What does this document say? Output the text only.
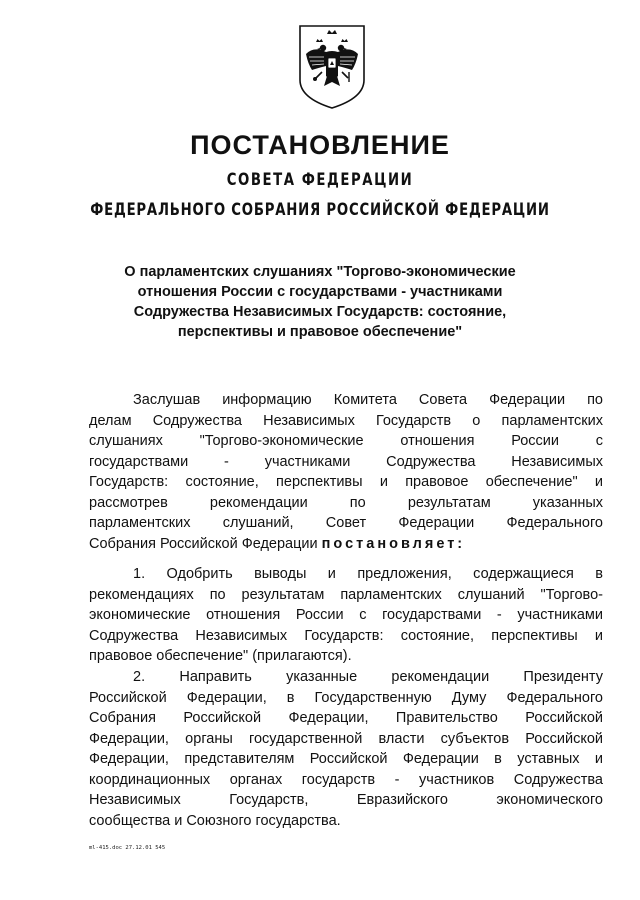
ПОСТАНОВЛЕНИЕ
СОВЕТА ФЕДЕРАЦИИ
ФЕДЕРАЛЬНОГО СОБРАНИЯ РОССИЙСКОЙ ФЕДЕРАЦИИ
О парламентских слушаниях "Торгово-экономические
отношения России с государствами - участниками
Содружества Независимых Государств: состояние,
перспективы и правовое обеспечение"
Заслушав информацию Комитета Совета Федерации по
делам Содружества Независимых Государств о парламентских
слушаниях "Торгово-экономические отношения России с
государствами - участниками Содружества Независимых
Государств: состояние, перспективы и правовое обеспечение" и
рассмотрев рекомендации по результатам указанных
парламентских слушаний, Совет Федерации Федерального
Собрания Российской Федерации постановляет:
1. Одобрить выводы и предложения, содержащиеся в
рекомендациях по результатам парламентских слушаний "Торгово-
экономические отношения России с государствами - участниками
Содружества Независимых Государств: состояние, перспективы и
правовое обеспечение" (прилагаются).
2. Направить указанные рекомендации Президенту
Российской Федерации, в Государственную Думу Федерального
Собрания Российской Федерации, Правительство Российской
Федерации, органы государственной власти субъектов Российской
Федерации, представителям Российской Федерации в уставных и
координационных органах государств - участников Содружества
Независимых Государств, Евразийского экономического
сообщества и Союзного государства.
ml-415.doc 27.12.01 545
